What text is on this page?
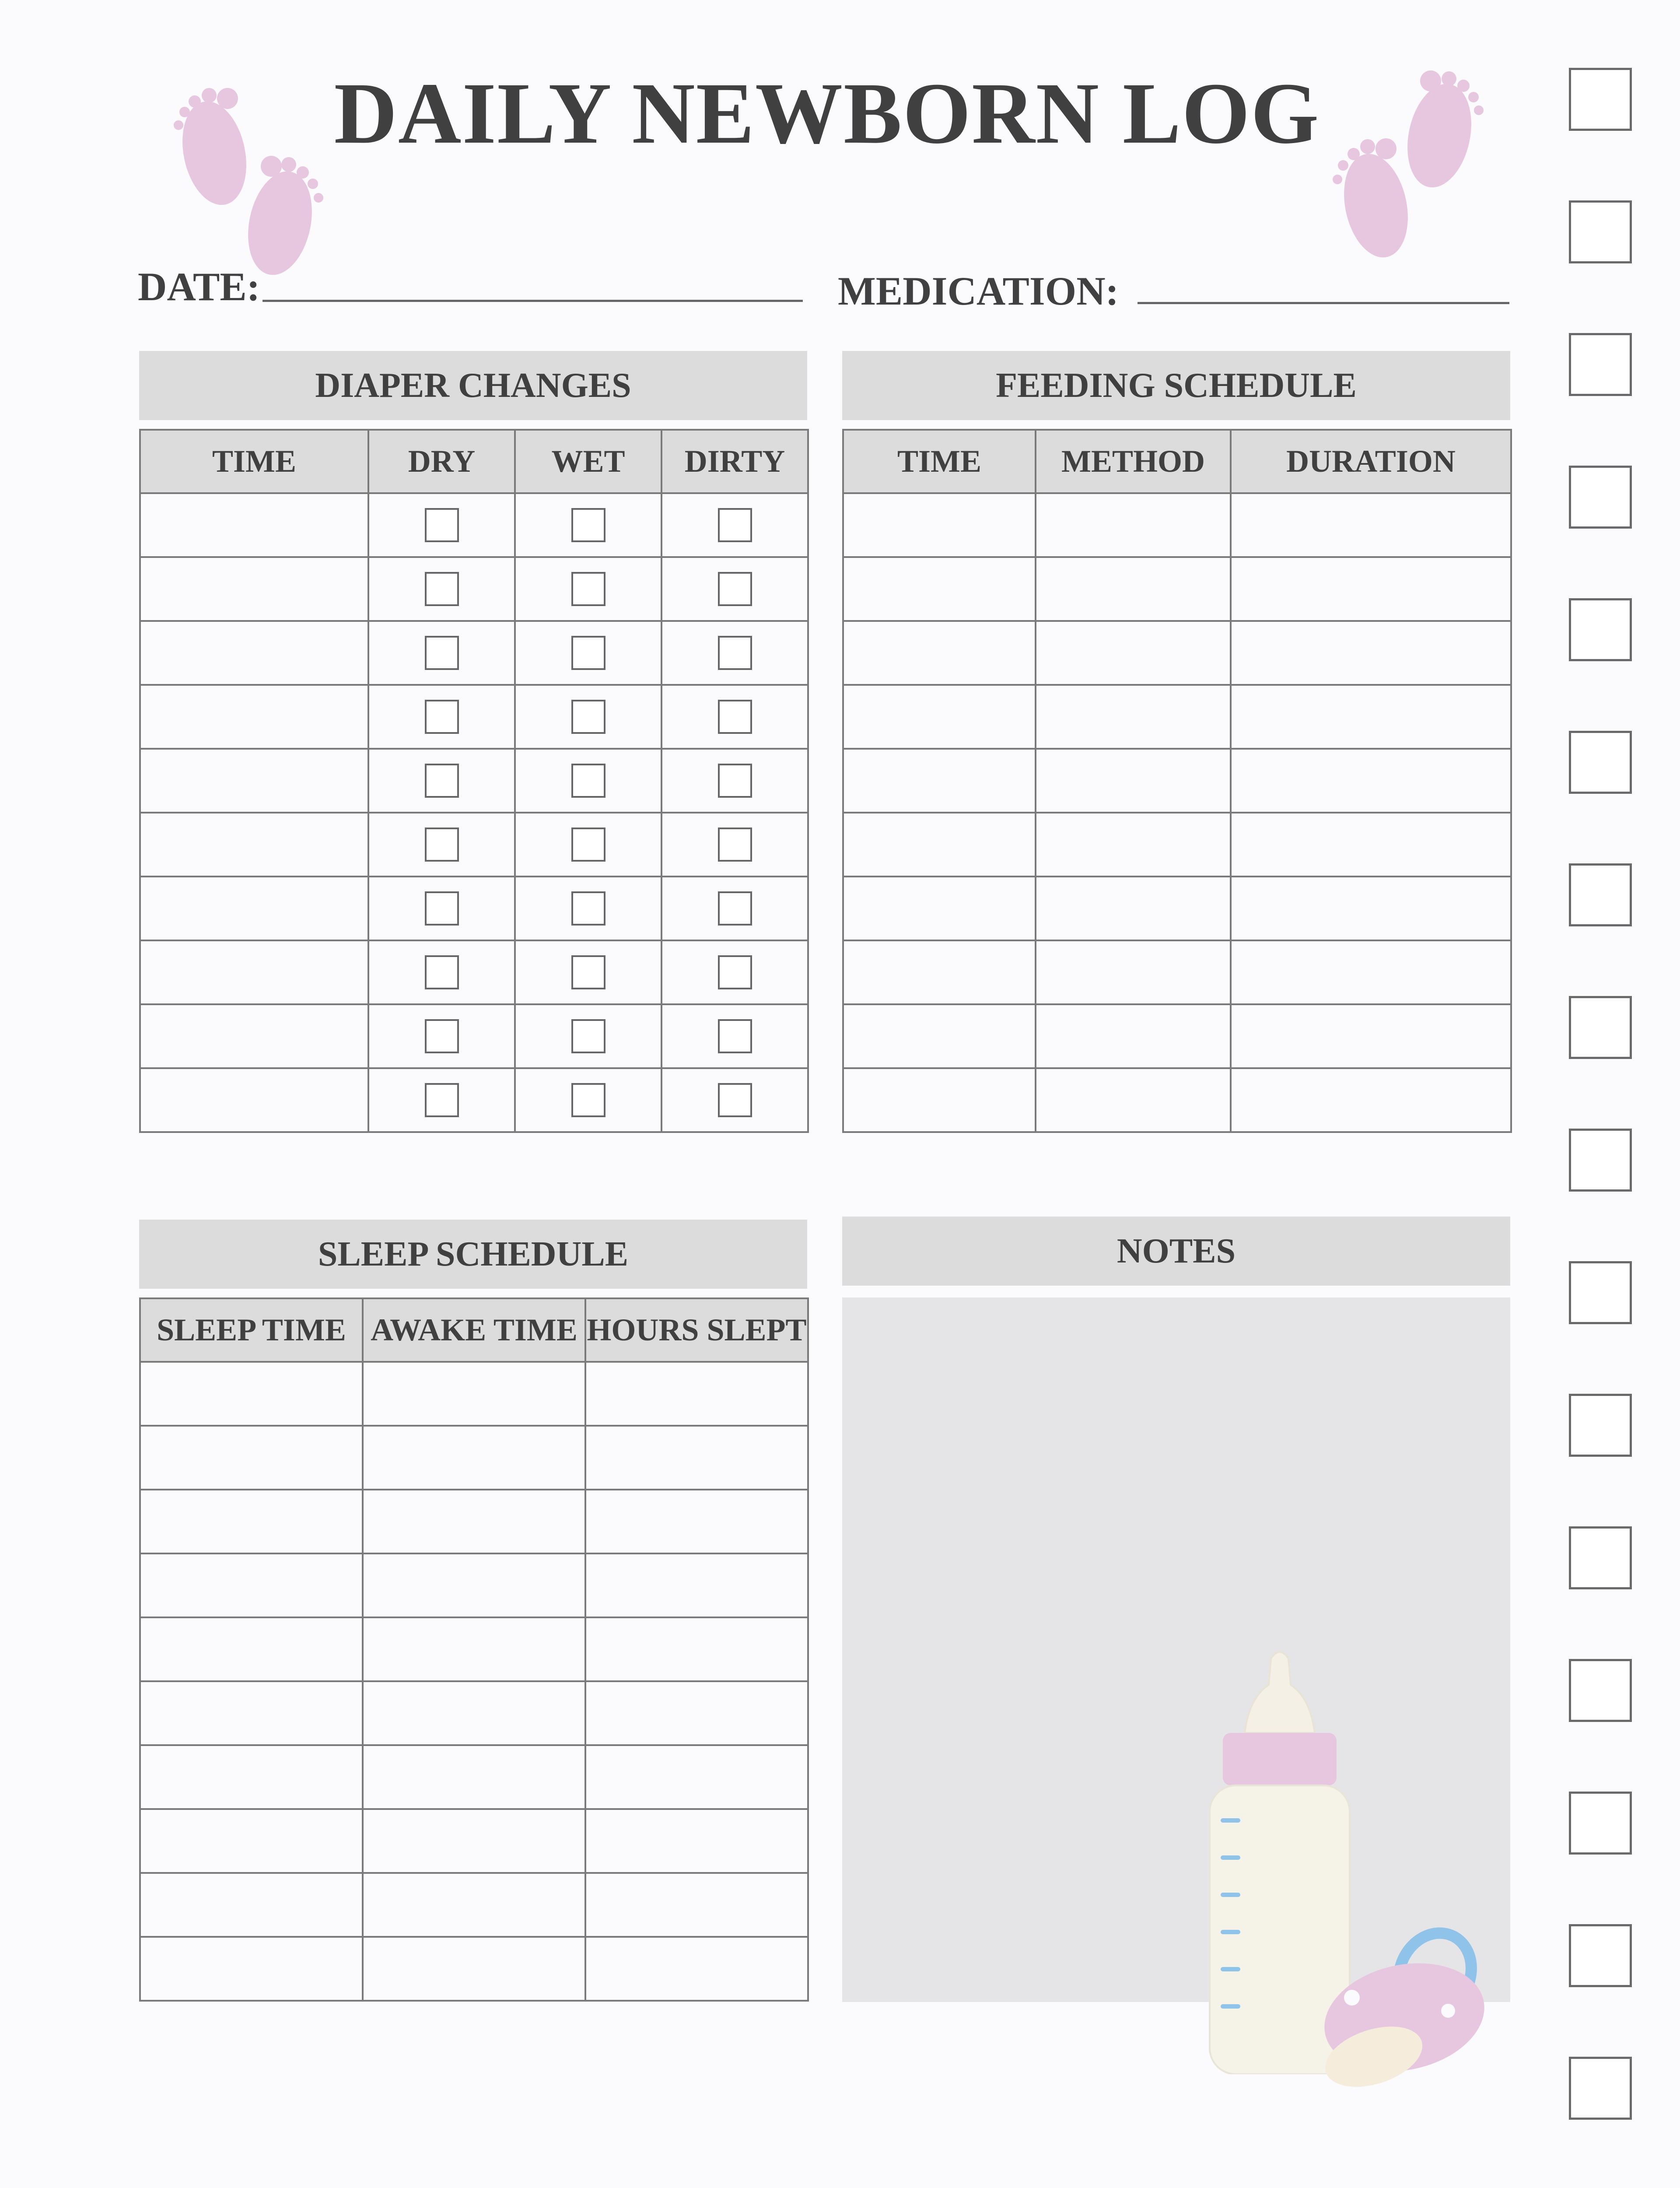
DAILY NEWBORN LOG
DATE:	MEDICATION:
DIAPER CHANGES
TIME	DRY	WET	DIRTY

FEEDING SCHEDULE
TIME	METHOD	DURATION

SLEEP SCHEDULE
SLEEP TIME	AWAKE TIME	HOURS SLEPT

NOTES
